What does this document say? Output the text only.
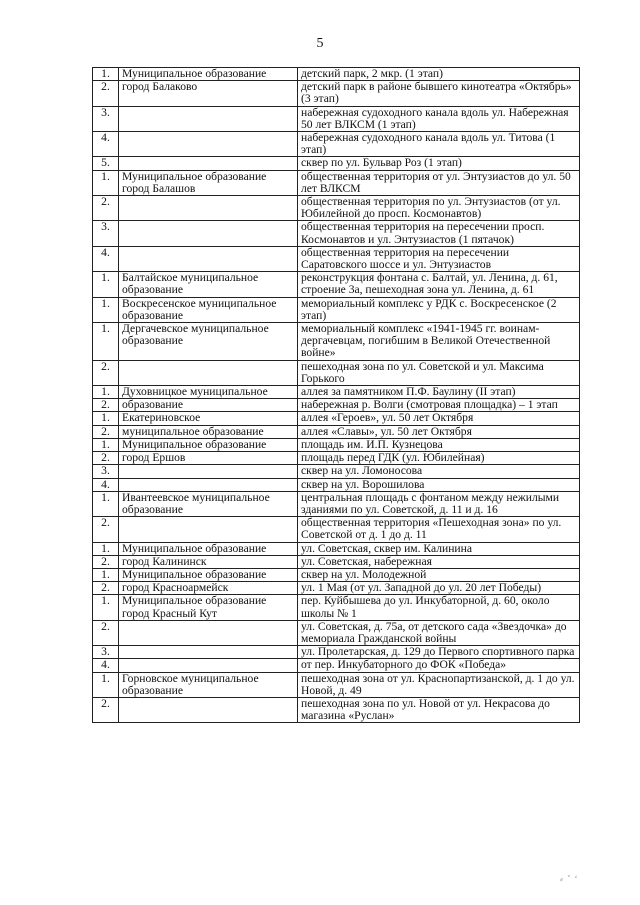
5
1.	Муниципальное образование	детский парк, 2 мкр. (1 этап)
2.	город Балаково	детский парк в районе бывшего кинотеатра «Октябрь» (3 этап)
3.		набережная судоходного канала вдоль ул. Набережная 50 лет ВЛКСМ (1 этап)
4.		набережная судоходного канала вдоль ул. Титова (1 этап)
5.		сквер по ул. Бульвар Роз (1 этап)
1.	Муниципальное образование город Балашов	общественная территория от ул. Энтузиастов до ул. 50 лет ВЛКСМ
2.		общественная территория по ул. Энтузиастов (от ул. Юбилейной до просп. Космонавтов)
3.		общественная территория на пересечении просп. Космонавтов и ул. Энтузиастов (1 пятачок)
4.		общественная территория на пересечении Саратовского шоссе и ул. Энтузиастов
1.	Балтайское муниципальное образование	реконструкция фонтана с. Балтай, ул. Ленина, д. 61, строение 3а, пешеходная зона ул. Ленина, д. 61
1.	Воскресенское муниципальное образование	мемориальный комплекс у РДК с. Воскресенское (2 этап)
1.	Дергачевское муниципальное образование	мемориальный комплекс «1941-1945 гг. воинам-дергачевцам, погибшим в Великой Отечественной войне»
2.		пешеходная зона по ул. Советской и ул. Максима Горького
1.	Духовницкое муниципальное	аллея за памятником П.Ф. Баулину (II этап)
2.	образование	набережная р. Волги (смотровая площадка) – 1 этап
1.	Екатериновское	аллея «Героев», ул. 50 лет Октября
2.	муниципальное образование	аллея «Славы», ул. 50 лет Октября
1.	Муниципальное образование	площадь им. И.П. Кузнецова
2.	город Ершов	площадь перед ГДК (ул. Юбилейная)
3.		сквер на ул. Ломоносова
4.		сквер на ул. Ворошилова
1.	Ивантеевское муниципальное образование	центральная площадь с фонтаном между нежилыми зданиями по ул. Советской, д. 11 и д. 16
2.		общественная территория «Пешеходная зона» по ул. Советской от д. 1 до д. 11
1.	Муниципальное образование	ул. Советская, сквер им. Калинина
2.	город Калининск	ул. Советская, набережная
1.	Муниципальное образование	сквер на ул. Молодежной
2.	город Красноармейск	ул. 1 Мая (от ул. Западной до ул. 20 лет Победы)
1.	Муниципальное образование город Красный Кут	пер. Куйбышева до ул. Инкубаторной, д. 60, около школы № 1
2.		ул. Советская, д. 75а, от детского сада «Звездочка» до мемориала Гражданской войны
3.		ул. Пролетарская, д. 129 до Первого спортивного парка
4.		от пер. Инкубаторного до ФОК «Победа»
1.	Горновское муниципальное образование	пешеходная зона от ул. Краснопартизанской, д. 1 до ул. Новой, д. 49
2.		пешеходная зона по ул. Новой от ул. Некрасова до магазина «Руслан»
⸗ ˚ ʻ
